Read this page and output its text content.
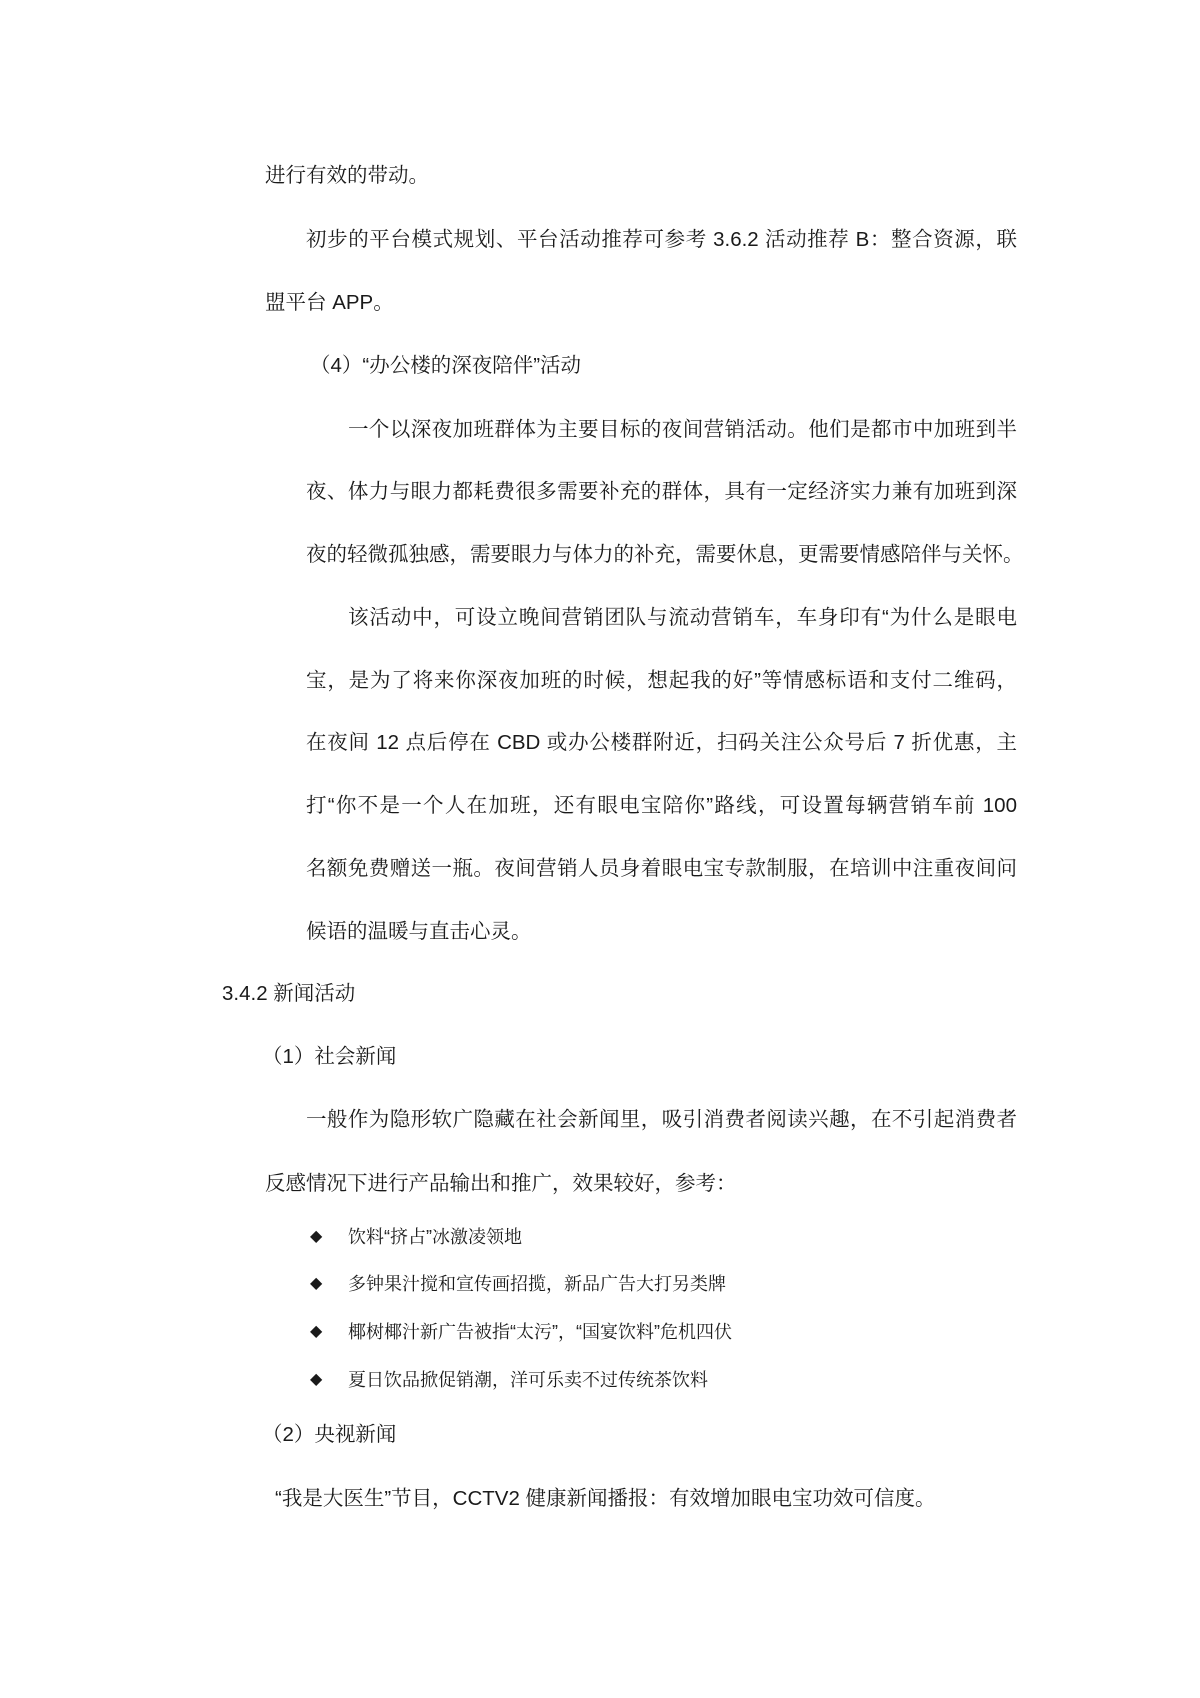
进行有效的带动。
初步的平台模式规划、平台活动推荐可参考 3.6.2 活动推荐 B：整合资源，联
盟平台 APP。
（4）“办公楼的深夜陪伴”活动
一个以深夜加班群体为主要目标的夜间营销活动。他们是都市中加班到半
夜、体力与眼力都耗费很多需要补充的群体，具有一定经济实力兼有加班到深
夜的轻微孤独感，需要眼力与体力的补充，需要休息，更需要情感陪伴与关怀。
该活动中，可设立晚间营销团队与流动营销车，车身印有“为什么是眼电
宝，是为了将来你深夜加班的时候，想起我的好”等情感标语和支付二维码，
在夜间 12 点后停在 CBD 或办公楼群附近，扫码关注公众号后 7 折优惠，主
打“你不是一个人在加班，还有眼电宝陪你”路线，可设置每辆营销车前 100
名额免费赠送一瓶。夜间营销人员身着眼电宝专款制服，在培训中注重夜间问
候语的温暖与直击心灵。
3.4.2 新闻活动
（1）社会新闻
一般作为隐形软广隐藏在社会新闻里，吸引消费者阅读兴趣，在不引起消费者
反感情况下进行产品输出和推广，效果较好，参考：
◆ 饮料“挤占”冰激凌领地
◆ 多钟果汁搅和宣传画招揽，新品广告大打另类牌
◆ 椰树椰汁新广告被指“太污”，“国宴饮料”危机四伏
◆ 夏日饮品掀促销潮，洋可乐卖不过传统茶饮料
（2）央视新闻
“我是大医生”节目，CCTV2 健康新闻播报：有效增加眼电宝功效可信度。
